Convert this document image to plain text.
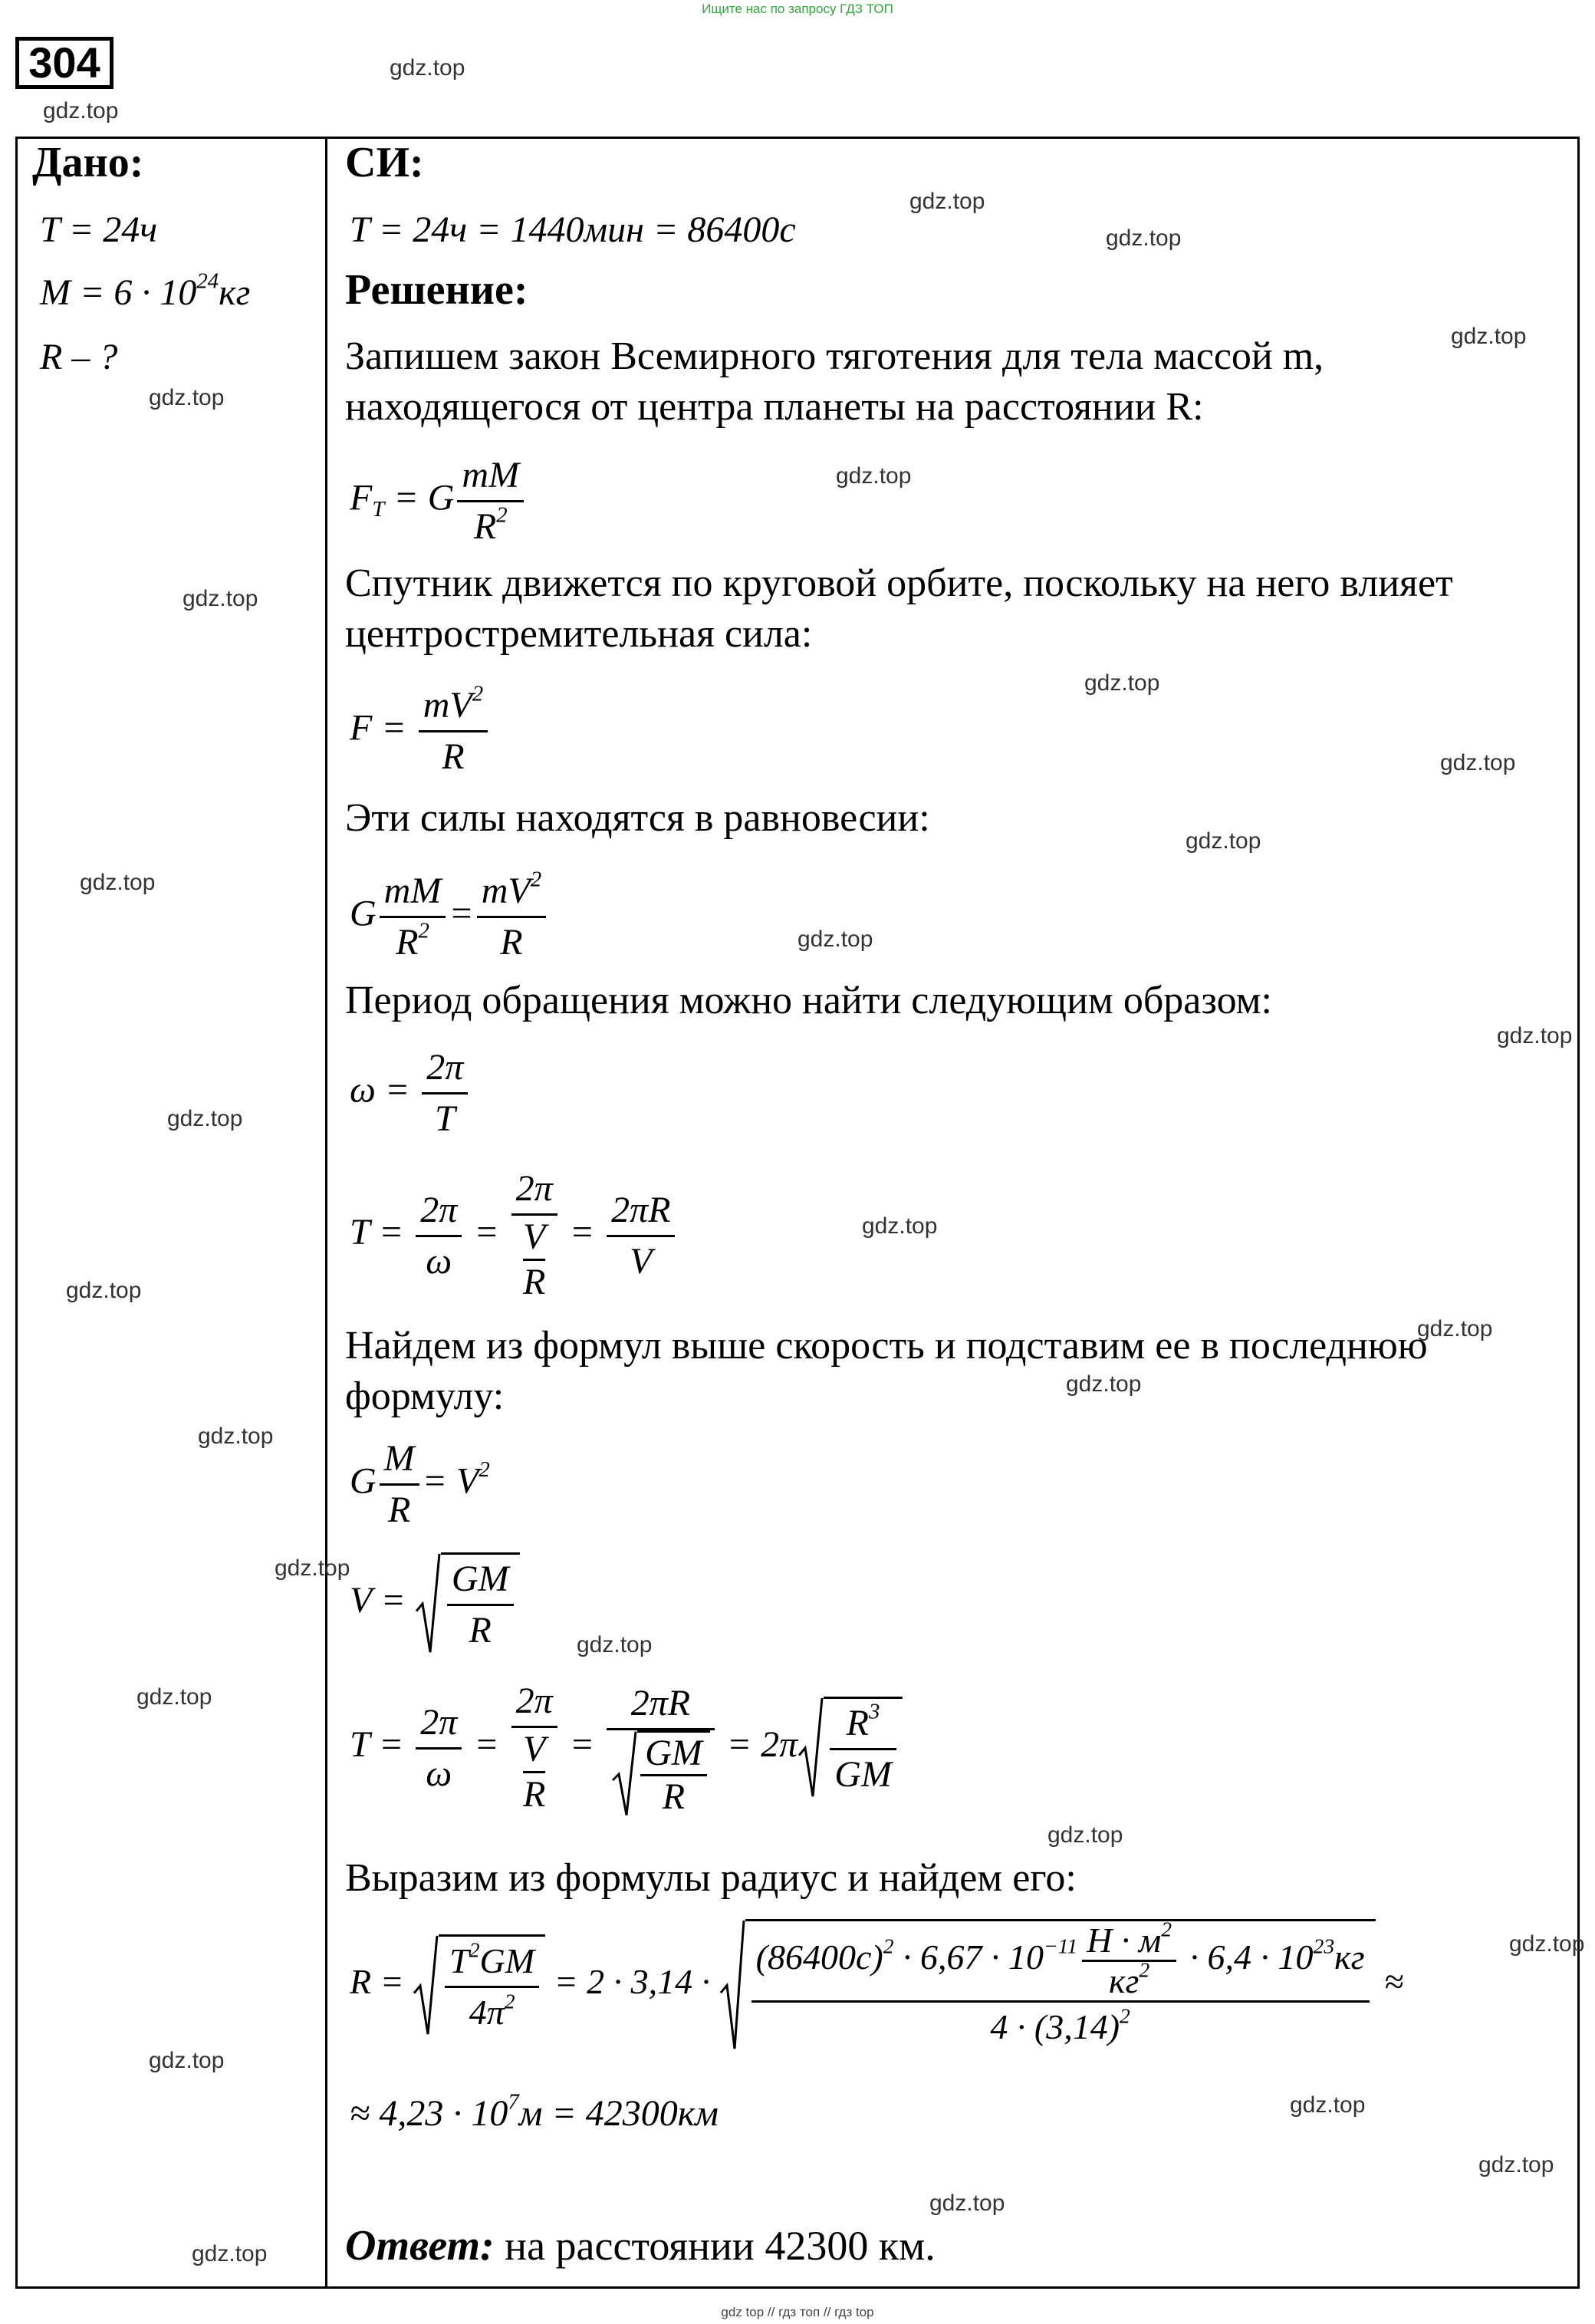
Ищите нас по запросу ГДЗ ТОП
304
Дано:
T = 24ч
$M = 6 \cdot 10^{24}кг$
R – ?
СИ:
T = 24ч = 1440мин = 86400с
Решение:
Запишем закон Всемирного тяготения для тела массой m, находящегося от центра планеты на расстоянии R:
$F_T = G \frac{mM}{R^2}$
Спутник движется по круговой орбите, поскольку на него влияет центростремительная сила:
$F = \frac{mV^2}{R}$
Эти силы находятся в равновесии:
G $\frac{mM}{R^2} = \frac{mV^2}{R}$
Период обращения можно найти следующим образом:
$\omega = \frac{2\pi}{T}$
$T = \frac{2\pi}{\omega} = \frac{2\pi}{\frac{V}{R}} = \frac{2\pi R}{V}$
Найдем из формул выше скорость и подставим ее в последнюю формулу:
G $\frac{M}{R} = V^2$
$V = \frac{GM}{R}$
$T = \frac{2\pi}{\omega} = \frac{2\pi}{\frac{V}{R}}$ =
2πR
$\frac{GM}{R} = 2\pi \frac{R^3}{GM}$
Выразим из формулы радиус и найдем его:
$R = \frac{T^2GM}{4\pi^2} = 2 \cdot 3,14$ ·
$(86400с)^2 \cdot 6,67 \cdot 10^{-11}$ $Н \cdot м^2$
$кг^2 \cdot 6,4 \cdot 10^{23}кг$
$4 \cdot (3,14)^2$
≈
≈ $4,23 \cdot 10^7м = 42300км$
Ответ: на расстоянии 42300 км.
gdz.top
gdz.top
gdz.top
gdz.top
gdz.top
gdz.top
gdz.top
gdz.top
gdz.top
gdz.top
gdz.top
gdz.top
gdz.top
gdz.top
gdz.top
gdz.top
gdz.top
gdz.top
gdz.top
gdz.top
gdz.top
gdz.top
gdz.top
gdz.top
gdz.top
gdz.top
gdz.top
gdz.top
gdz.top
gdz.top
gdz top // гдз топ // гдз top
